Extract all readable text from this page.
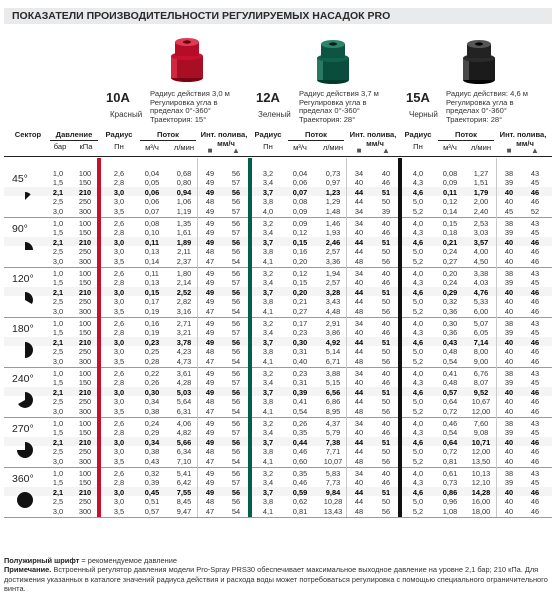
ПОКАЗАТЕЛИ ПРОИЗВОДИТЕЛЬНОСТИ РЕГУЛИРУЕМЫХ НАСАДОК PRO
10A
Красный
Радиус действия 3,0 м
Регулировка угла в
пределах 0°-360°
Траектория: 15°
12A
Зеленый
Радиус действия 3,7 м
Регулировка угла в
пределах 0°-360°
Траектория: 28°
15A
Черный
Радиус действия: 4,6 м
Регулировка угла в
пределах 0°-360°
Траектория: 28°
Сектор	Давление
бар	кПа
Радиус
Пн
Поток
м³/ч	л/мин
Инт. полива,
мм/ч
■	▲
Радиус
Пн
Поток
м³/ч	л/мин
Инт. полива,
мм/ч
■	▲
Радиус
Пн
Поток
м³/ч	л/мин
Инт. полива,
мм/ч
■	▲
45°	1,0	100	2,6	0,04	0,68	49	56	3,2	0,04	0,73	34	40	4,0	0,08	1,27	38	43
1,5	150	2,8	0,05	0,80	49	57	3,4	0,06	0,97	40	46	4,3	0,09	1,51	39	45
2,1	210	3,0	0,06	0,94	49	56	3,7	0,07	1,23	44	51	4,6	0,11	1,79	40	46
2,5	250	3,0	0,06	1,06	48	56	3,8	0,08	1,29	44	50	5,0	0,12	2,00	40	46
3,0	300	3,5	0,07	1,19	49	57	4,0	0,09	1,48	34	39	5,2	0,14	2,40	45	52
90°	1,0	100	2,6	0,08	1,35	49	56	3,2	0,09	1,46	34	40	4,0	0,15	2,53	38	43
1,5	150	2,8	0,10	1,61	49	57	3,4	0,12	1,93	40	46	4,3	0,18	3,03	39	45
2,1	210	3,0	0,11	1,89	49	56	3,7	0,15	2,46	44	51	4,6	0,21	3,57	40	46
2,5	250	3,0	0,13	2,11	48	56	3,8	0,16	2,57	44	50	5,0	0,24	4,00	40	46
3,0	300	3,5	0,14	2,37	47	54	4,1	0,20	3,36	48	56	5,2	0,27	4,50	40	46
120°	1,0	100	2,6	0,11	1,80	49	56	3,2	0,12	1,94	34	40	4,0	0,20	3,38	38	43
1,5	150	2,8	0,13	2,14	49	57	3,4	0,15	2,57	40	46	4,3	0,24	4,03	39	45
2,1	210	3,0	0,15	2,52	49	56	3,7	0,20	3,28	44	51	4,6	0,29	4,76	40	46
2,5	250	3,0	0,17	2,82	49	56	3,8	0,21	3,43	44	50	5,0	0,32	5,33	40	46
3,0	300	3,5	0,19	3,16	47	54	4,1	0,27	4,48	48	56	5,2	0,36	6,00	40	46
180°	1,0	100	2,6	0,16	2,71	49	56	3,2	0,17	2,91	34	40	4,0	0,30	5,07	38	43
1,5	150	2,8	0,19	3,21	49	57	3,4	0,23	3,86	40	46	4,3	0,36	6,05	39	45
2,1	210	3,0	0,23	3,78	49	56	3,7	0,30	4,92	44	51	4,6	0,43	7,14	40	46
2,5	250	3,0	0,25	4,23	48	56	3,8	0,31	5,14	44	50	5,0	0,48	8,00	40	46
3,0	300	3,5	0,28	4,73	47	54	4,1	0,40	6,71	48	56	5,2	0,54	9,00	40	46
240°	1,0	100	2,6	0,22	3,61	49	56	3,2	0,23	3,88	34	40	4,0	0,41	6,76	38	43
1,5	150	2,8	0,26	4,28	49	57	3,4	0,31	5,15	40	46	4,3	0,48	8,07	39	45
2,1	210	3,0	0,30	5,03	49	56	3,7	0,39	6,56	44	51	4,6	0,57	9,52	40	46
2,5	250	3,0	0,34	5,64	48	56	3,8	0,41	6,86	44	50	5,0	0,64	10,67	40	46
3,0	300	3,5	0,38	6,31	47	54	4,1	0,54	8,95	48	56	5,2	0,72	12,00	40	46
270°	1,0	100	2,6	0,24	4,06	49	56	3,2	0,26	4,37	34	40	4,0	0,46	7,60	38	43
1,5	150	2,8	0,29	4,82	49	57	3,4	0,35	5,79	40	46	4,3	0,54	9,08	39	45
2,1	210	3,0	0,34	5,66	49	56	3,7	0,44	7,38	44	51	4,6	0,64	10,71	40	46
2,5	250	3,0	0,38	6,34	48	56	3,8	0,46	7,71	44	50	5,0	0,72	12,00	40	46
3,0	300	3,5	0,43	7,10	47	54	4,1	0,60	10,07	48	56	5,2	0,81	13,50	40	46
360°	1,0	100	2,6	0,32	5,41	49	56	3,2	0,35	5,83	34	40	4,0	0,61	10,13	38	43
1,5	150	2,8	0,39	6,42	49	57	3,4	0,46	7,73	40	46	4,3	0,73	12,10	39	45
2,1	210	3,0	0,45	7,55	49	56	3,7	0,59	9,84	44	51	4,6	0,86	14,28	40	46
2,5	250	3,0	0,51	8,45	48	56	3,8	0,62	10,28	44	50	5,0	0,96	16,00	40	46
3,0	300	3,5	0,57	9,47	47	54	4,1	0,81	13,43	48	56	5,2	1,08	18,00	40	46
Полужирный шрифт = рекомендуемое давление
Примечание. Встроенный регулятор давления модели Pro-Spray PRS30 обеспечивает максимальное выходное давление на уровне 2,1 бар; 210 кПа. Для достижения указанных в каталоге значений радиуса действия и расхода воды может потребоваться регулировка с помощью специального ограничительного винта.
